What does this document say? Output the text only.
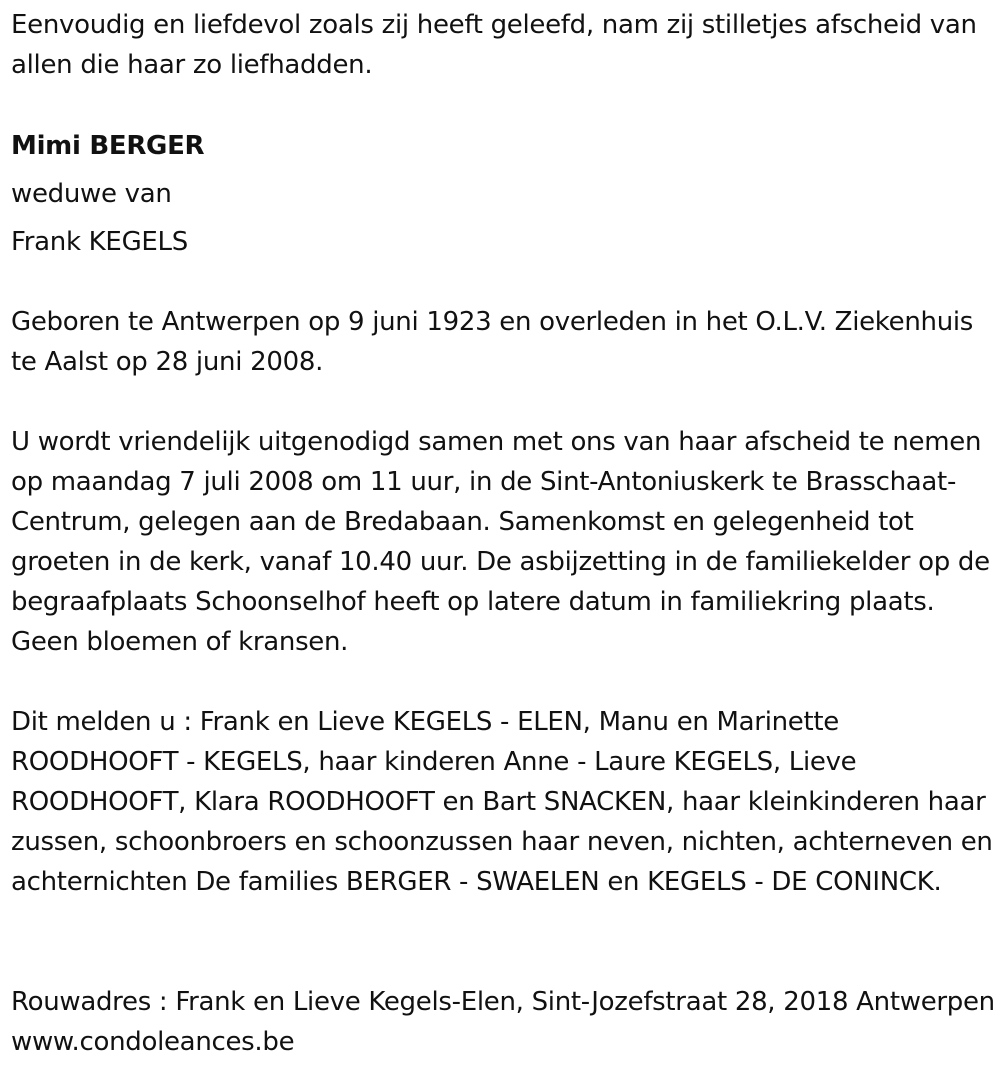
Eenvoudig en liefdevol zoals zij heeft geleefd, nam zij stilletjes afscheid van allen die haar zo liefhadden.

Mimi BERGER

weduwe van

Frank KEGELS

Geboren te Antwerpen op 9 juni 1923 en overleden in het O.L.V. Ziekenhuis te Aalst op 28 juni 2008.

U wordt vriendelijk uitgenodigd samen met ons van haar afscheid te nemen op maandag 7 juli 2008 om 11 uur, in de Sint-Antoniuskerk te Brasschaat-Centrum, gelegen aan de Bredabaan. Samenkomst en gelegenheid tot groeten in de kerk, vanaf 10.40 uur. De asbijzetting in de familiekelder op de begraafplaats Schoonselhof heeft op latere datum in familiekring plaats. Geen bloemen of kransen.

Dit melden u : Frank en Lieve KEGELS - ELEN, Manu en Marinette ROODHOOFT - KEGELS, haar kinderen Anne - Laure KEGELS, Lieve ROODHOOFT, Klara ROODHOOFT en Bart SNACKEN, haar kleinkinderen haar zussen, schoonbroers en schoonzussen haar neven, nichten, achterneven en achternichten De families BERGER - SWAELEN en KEGELS - DE CONINCK.

Rouwadres : Frank en Lieve Kegels-Elen, Sint-Jozefstraat 28, 2018 Antwerpen www.condoleances.be
